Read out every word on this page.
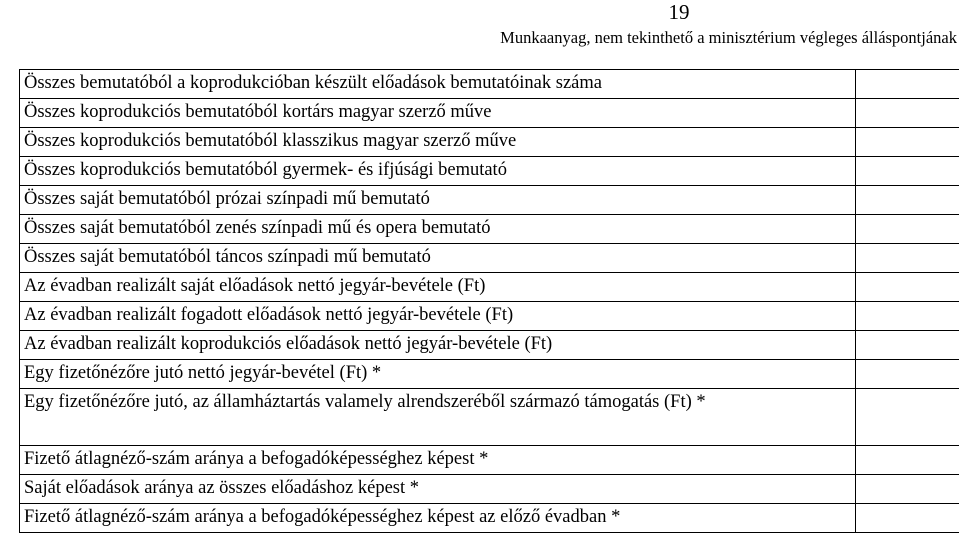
19
Munkaanyag, nem tekinthető a minisztérium végleges álláspontjának
Összes bemutatóból a koprodukcióban készült előadások bemutatóinak száma	
Összes koprodukciós bemutatóból kortárs magyar szerző műve	
Összes koprodukciós bemutatóból klasszikus magyar szerző műve	
Összes koprodukciós bemutatóból gyermek- és ifjúsági bemutató	
Összes saját bemutatóból prózai színpadi mű bemutató	
Összes saját bemutatóból zenés színpadi mű és opera bemutató	
Összes saját bemutatóból táncos színpadi mű bemutató	
Az évadban realizált saját előadások nettó jegyár-bevétele (Ft)	
Az évadban realizált fogadott előadások nettó jegyár-bevétele (Ft)	
Az évadban realizált koprodukciós előadások nettó jegyár-bevétele (Ft)	
Egy fizetőnézőre jutó nettó jegyár-bevétel (Ft) *	
Egy fizetőnézőre jutó, az államháztartás valamely alrendszeréből származó támogatás (Ft) *	
Fizető átlagnéző-szám aránya a befogadóképességhez képest *	
Saját előadások aránya az összes előadáshoz képest *	
Fizető átlagnéző-szám aránya a befogadóképességhez képest az előző évadban *	
